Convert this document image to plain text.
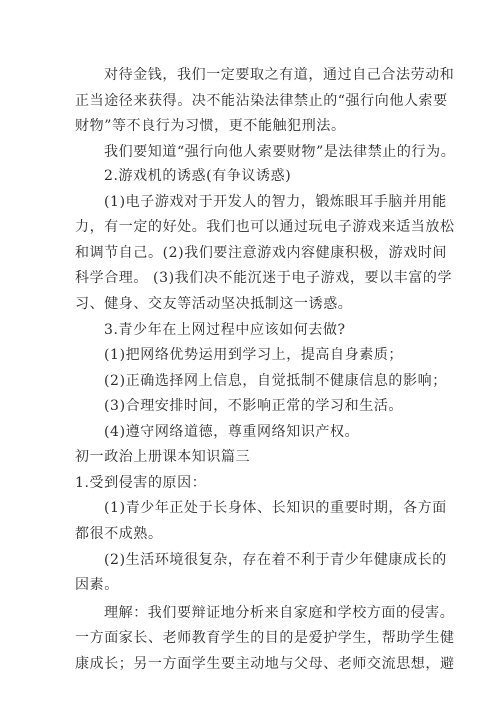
对待金钱，我们一定要取之有道，通过自己合法劳动和
正当途径来获得。决不能沾染法律禁止的“强行向他人索要
财物”等不良行为习惯，更不能触犯刑法。
我们要知道“强行向他人索要财物”是法律禁止的行为。
2.游戏机的诱惑(有争议诱惑)
(1)电子游戏对于开发人的智力，锻炼眼耳手脑并用能
力，有一定的好处。我们也可以通过玩电子游戏来适当放松
和调节自己。(2)我们要注意游戏内容健康积极，游戏时间
科学合理。 (3)我们决不能沉迷于电子游戏，要以丰富的学
习、健身、交友等活动坚决抵制这一诱惑。
3.青少年在上网过程中应该如何去做?
(1)把网络优势运用到学习上，提高自身素质；
(2)正确选择网上信息，自觉抵制不健康信息的影响；
(3)合理安排时间，不影响正常的学习和生活。
(4)遵守网络道德，尊重网络知识产权。
初一政治上册课本知识篇三
1.受到侵害的原因：
(1)青少年正处于长身体、长知识的重要时期，各方面
都很不成熟。
(2)生活环境很复杂，存在着不利于青少年健康成长的
因素。
理解：我们要辩证地分析来自家庭和学校方面的侵害。
一方面家长、老师教育学生的目的是爱护学生，帮助学生健
康成长；另一方面学生要主动地与父母、老师交流思想，避
